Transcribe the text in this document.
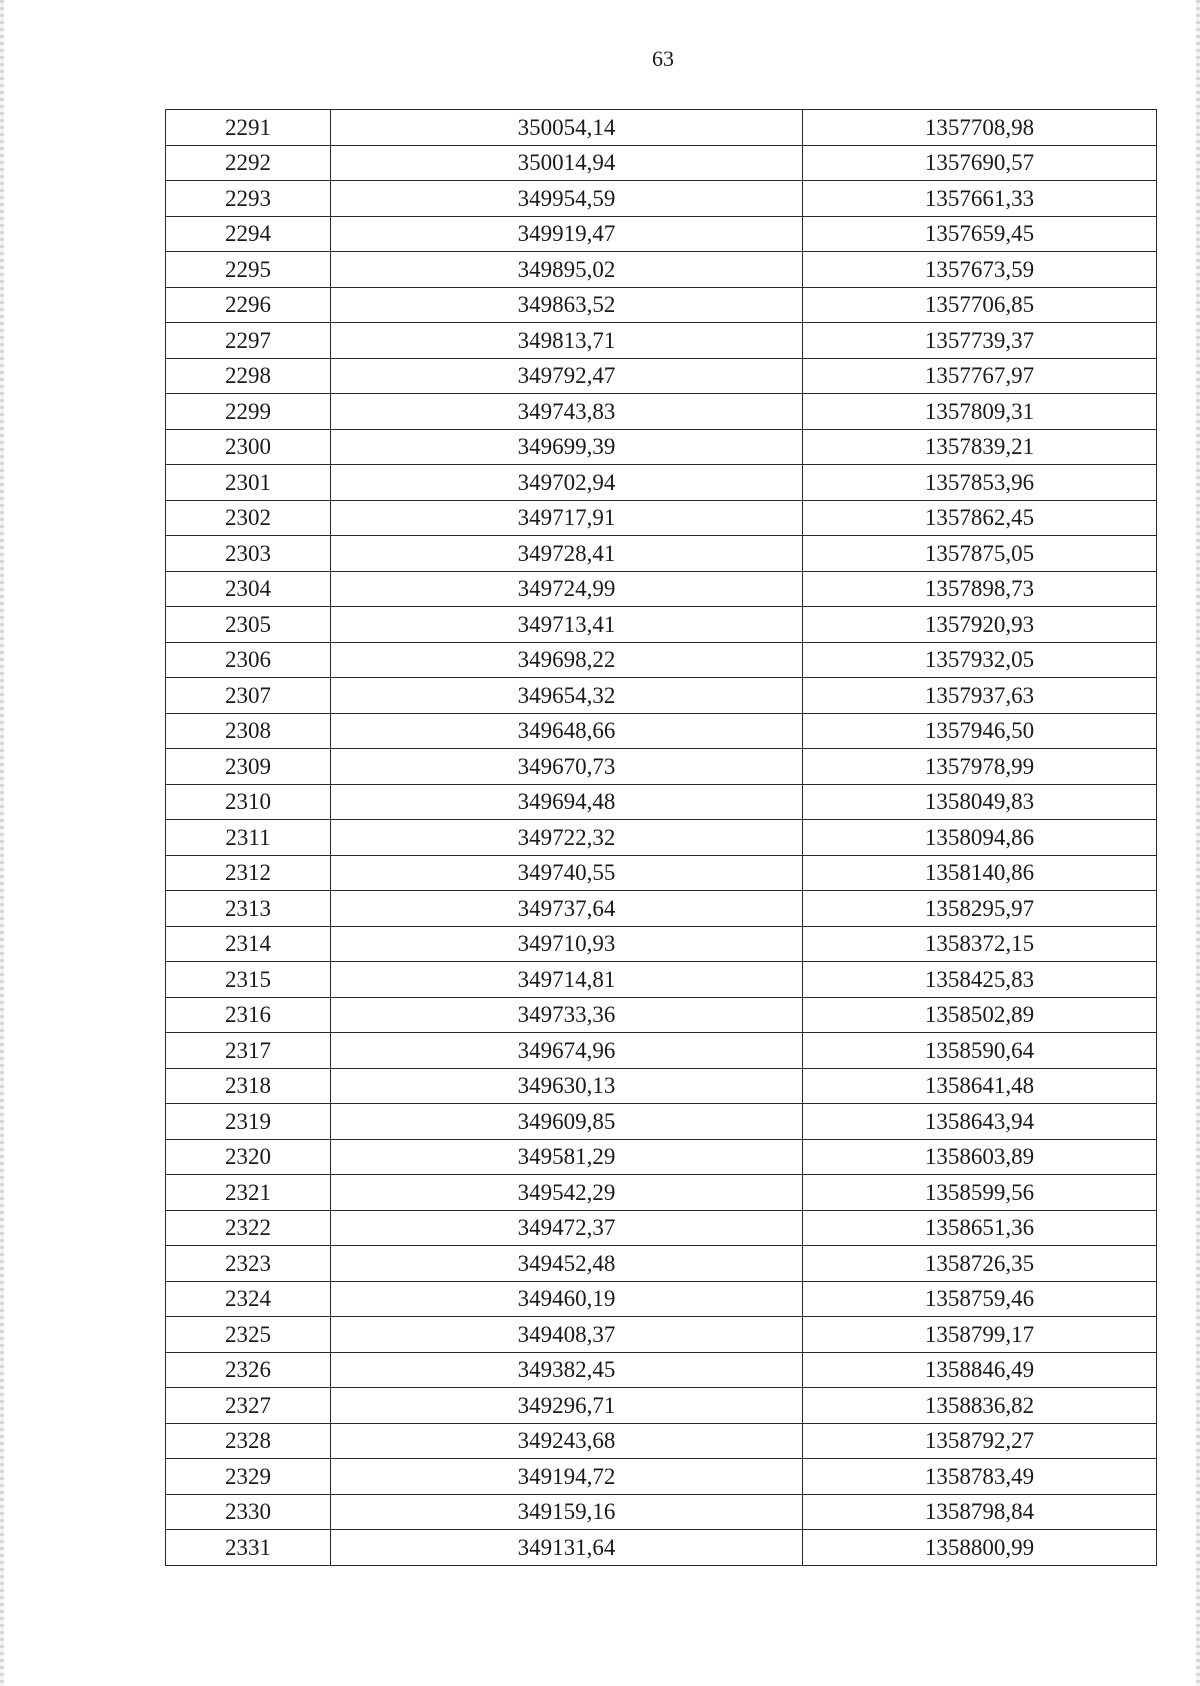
63
2291	350054,14	1357708,98
2292	350014,94	1357690,57
2293	349954,59	1357661,33
2294	349919,47	1357659,45
2295	349895,02	1357673,59
2296	349863,52	1357706,85
2297	349813,71	1357739,37
2298	349792,47	1357767,97
2299	349743,83	1357809,31
2300	349699,39	1357839,21
2301	349702,94	1357853,96
2302	349717,91	1357862,45
2303	349728,41	1357875,05
2304	349724,99	1357898,73
2305	349713,41	1357920,93
2306	349698,22	1357932,05
2307	349654,32	1357937,63
2308	349648,66	1357946,50
2309	349670,73	1357978,99
2310	349694,48	1358049,83
2311	349722,32	1358094,86
2312	349740,55	1358140,86
2313	349737,64	1358295,97
2314	349710,93	1358372,15
2315	349714,81	1358425,83
2316	349733,36	1358502,89
2317	349674,96	1358590,64
2318	349630,13	1358641,48
2319	349609,85	1358643,94
2320	349581,29	1358603,89
2321	349542,29	1358599,56
2322	349472,37	1358651,36
2323	349452,48	1358726,35
2324	349460,19	1358759,46
2325	349408,37	1358799,17
2326	349382,45	1358846,49
2327	349296,71	1358836,82
2328	349243,68	1358792,27
2329	349194,72	1358783,49
2330	349159,16	1358798,84
2331	349131,64	1358800,99
